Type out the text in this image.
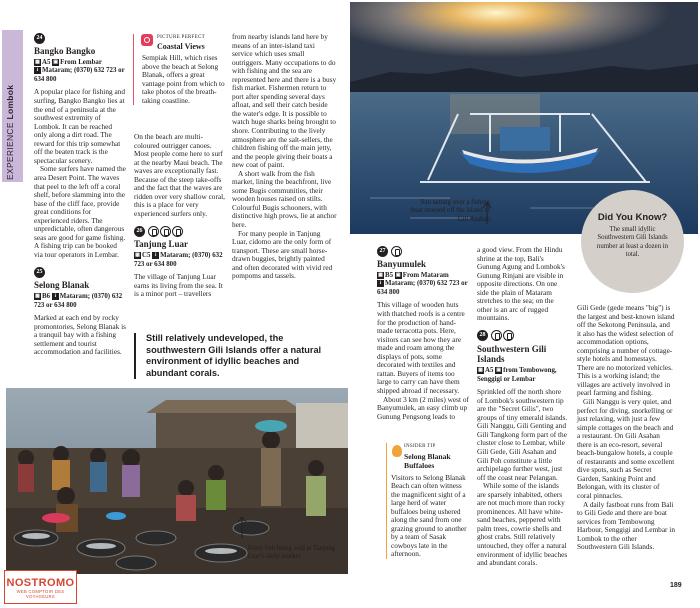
EXPERIENCE Lombok
24
Bangko Bangko
▦ A5 ▣ From Lembar
i Mataram; (0370) 632 723 or 634 800

A popular place for fishing and surfing, Bangko Bangko lies at the end of a peninsula at the southwest extremity of Lombok. It can be reached only along a dirt road. The reward for this trip somewhat off the beaten track is the spectacular scenery.

Some surfers have named the area Desert Point. The waves that peel to the left off a coral shelf, before slamming into the base of the cliff face, provide great conditions for experienced riders. The unpredictable, often dangerous seas are good for game fishing. A fishing trip can be booked via tour operators in Lembar.

25
Selong Blanak
▦ B6 i Mataram; (0370) 632 723 or 634 800

Marked at each end by rocky promontories, Selong Blanak is a tranquil bay with a fishing settlement and tourist accommodation and facilities.

PICTURE PERFECT
Coastal Views

Sempiak Hill, which rises above the beach at Selong Blanak, offers a great vantage point from which to take photos of the breath-taking coastline.

On the beach are multi-coloured outrigger canoes. Most people come here to surf at the nearby Maui beach. The waves are exceptionally fast. Because of the steep take-offs and the fact that the waves are ridden over very shallow coral, this is a place for very experienced surfers only.

26
Tanjung Luar
▦ C5 i Mataram; (0370) 632 723 or 634 800

The village of Tanjung Luar earns its living from the sea. It is a minor port – travellers

from nearby islands land here by means of an inter-island taxi service which uses small outriggers. Many occupations to do with fishing and the sea are represented here and there is a busy fish market. Fishermen return to port after spending several days afloat, and sell their catch beside the water's edge. It is possible to watch huge sharks being brought to shore. Contributing to the lively atmosphere are the salt-sellers, the children fishing off the main jetty, and the people giving their boats a new coat of paint.

A short walk from the fish market, lining the beachfront, live some Bugis communities, their wooden houses raised on stilts. Colourful Bugis schooners, with distinctive high prows, lie at anchor here.

For many people in Tanjung Luar, cidomo are the only form of transport. These are small horse-drawn buggies, brightly painted and often decorated with vivid red pompoms and tassels.

Still relatively undeveloped, the southwestern Gili Islands offer a natural environment of idyllic beaches and abundant corals.
Fresh fish being sold at Tanjung Luar's daily market
Sun setting over a fishing boat moored off the island of Gili Asahan
27
Banyumulek
▦ B5 ▣ From Mataram
i Mataram; (0370) 632 723 or 634 800

This village of wooden huts with thatched roofs is a centre for the production of hand-made terracotta pots. Here, visitors can see how they are made and roam among the displays of pots, some decorated with textiles and rattan. Buyers of items too large to carry can have them shipped abroad if necessary.

About 3 km (2 miles) west of Banyumulek, an easy climb up Gunung Pengsong leads to

INSIDER TIP
Selong Blanak Buffaloes

Visitors to Selong Blanak Beach can often witness the magnificent sight of a large herd of water buffaloes being ushered along the sand from one grazing ground to another by a team of Sasak cowboys late in the afternoon.

a good view. From the Hindu shrine at the top, Bali's Gunung Agung and Lombok's Gunung Rinjani are visible in opposite directions. On one side the plain of Mataram stretches to the sea; on the other is an arc of rugged mountains.

28
Southwestern Gili Islands
▦ A5 ▣ from Tembowong, Senggigi or Lembar

Sprinkled off the north shore of Lombok's southwestern tip are the "Secret Gilis", two groups of tiny emerald islands. Gili Nanggu, Gili Genting and Gili Tangkong form part of the cluster close to Lembar, while Gili Gede, Gili Asahan and Gili Poh constitute a little archipelago further west, just off the coast near Pelangan.

While some of the islands are sparsely inhabited, others are not much more than rocky prominences. All have white-sand beaches, peppered with palm trees, cowrie shells and ghost crabs. Still relatively untouched, they offer a natural environment of idyllic beaches and abundant corals.

Did You Know?
The small idyllic Southwestern Gili Islands number at least a dozen in total.

Gili Gede (gede means "big") is the largest and best-known island off the Sekotong Peninsula, and it also has the widest selection of accommodation options, comprising a number of cottage-style hotels and homestays. There are no motorized vehicles. This is a working island; the villages are actively involved in pearl farming and fishing.

Gili Nanggu is very quiet, and perfect for diving, snorkelling or just relaxing, with just a few simple cottages on the beach and a restaurant. On Gili Asahan there is an eco-resort, several beach-bungalow hotels, a couple of restaurants and some excellent dive spots, such as Secret Garden, Sanking Point and Belongan, with its cluster of coral pinnacles.

A daily fastboat runs from Bali to Gili Gede and there are boat services from Tembowong Harbour, Senggigi and Lembar in Lombok to the other Southwestern Gili Islands.

189
NOSTROMO
WEB COMPTOIR DES VOYAGEURS
